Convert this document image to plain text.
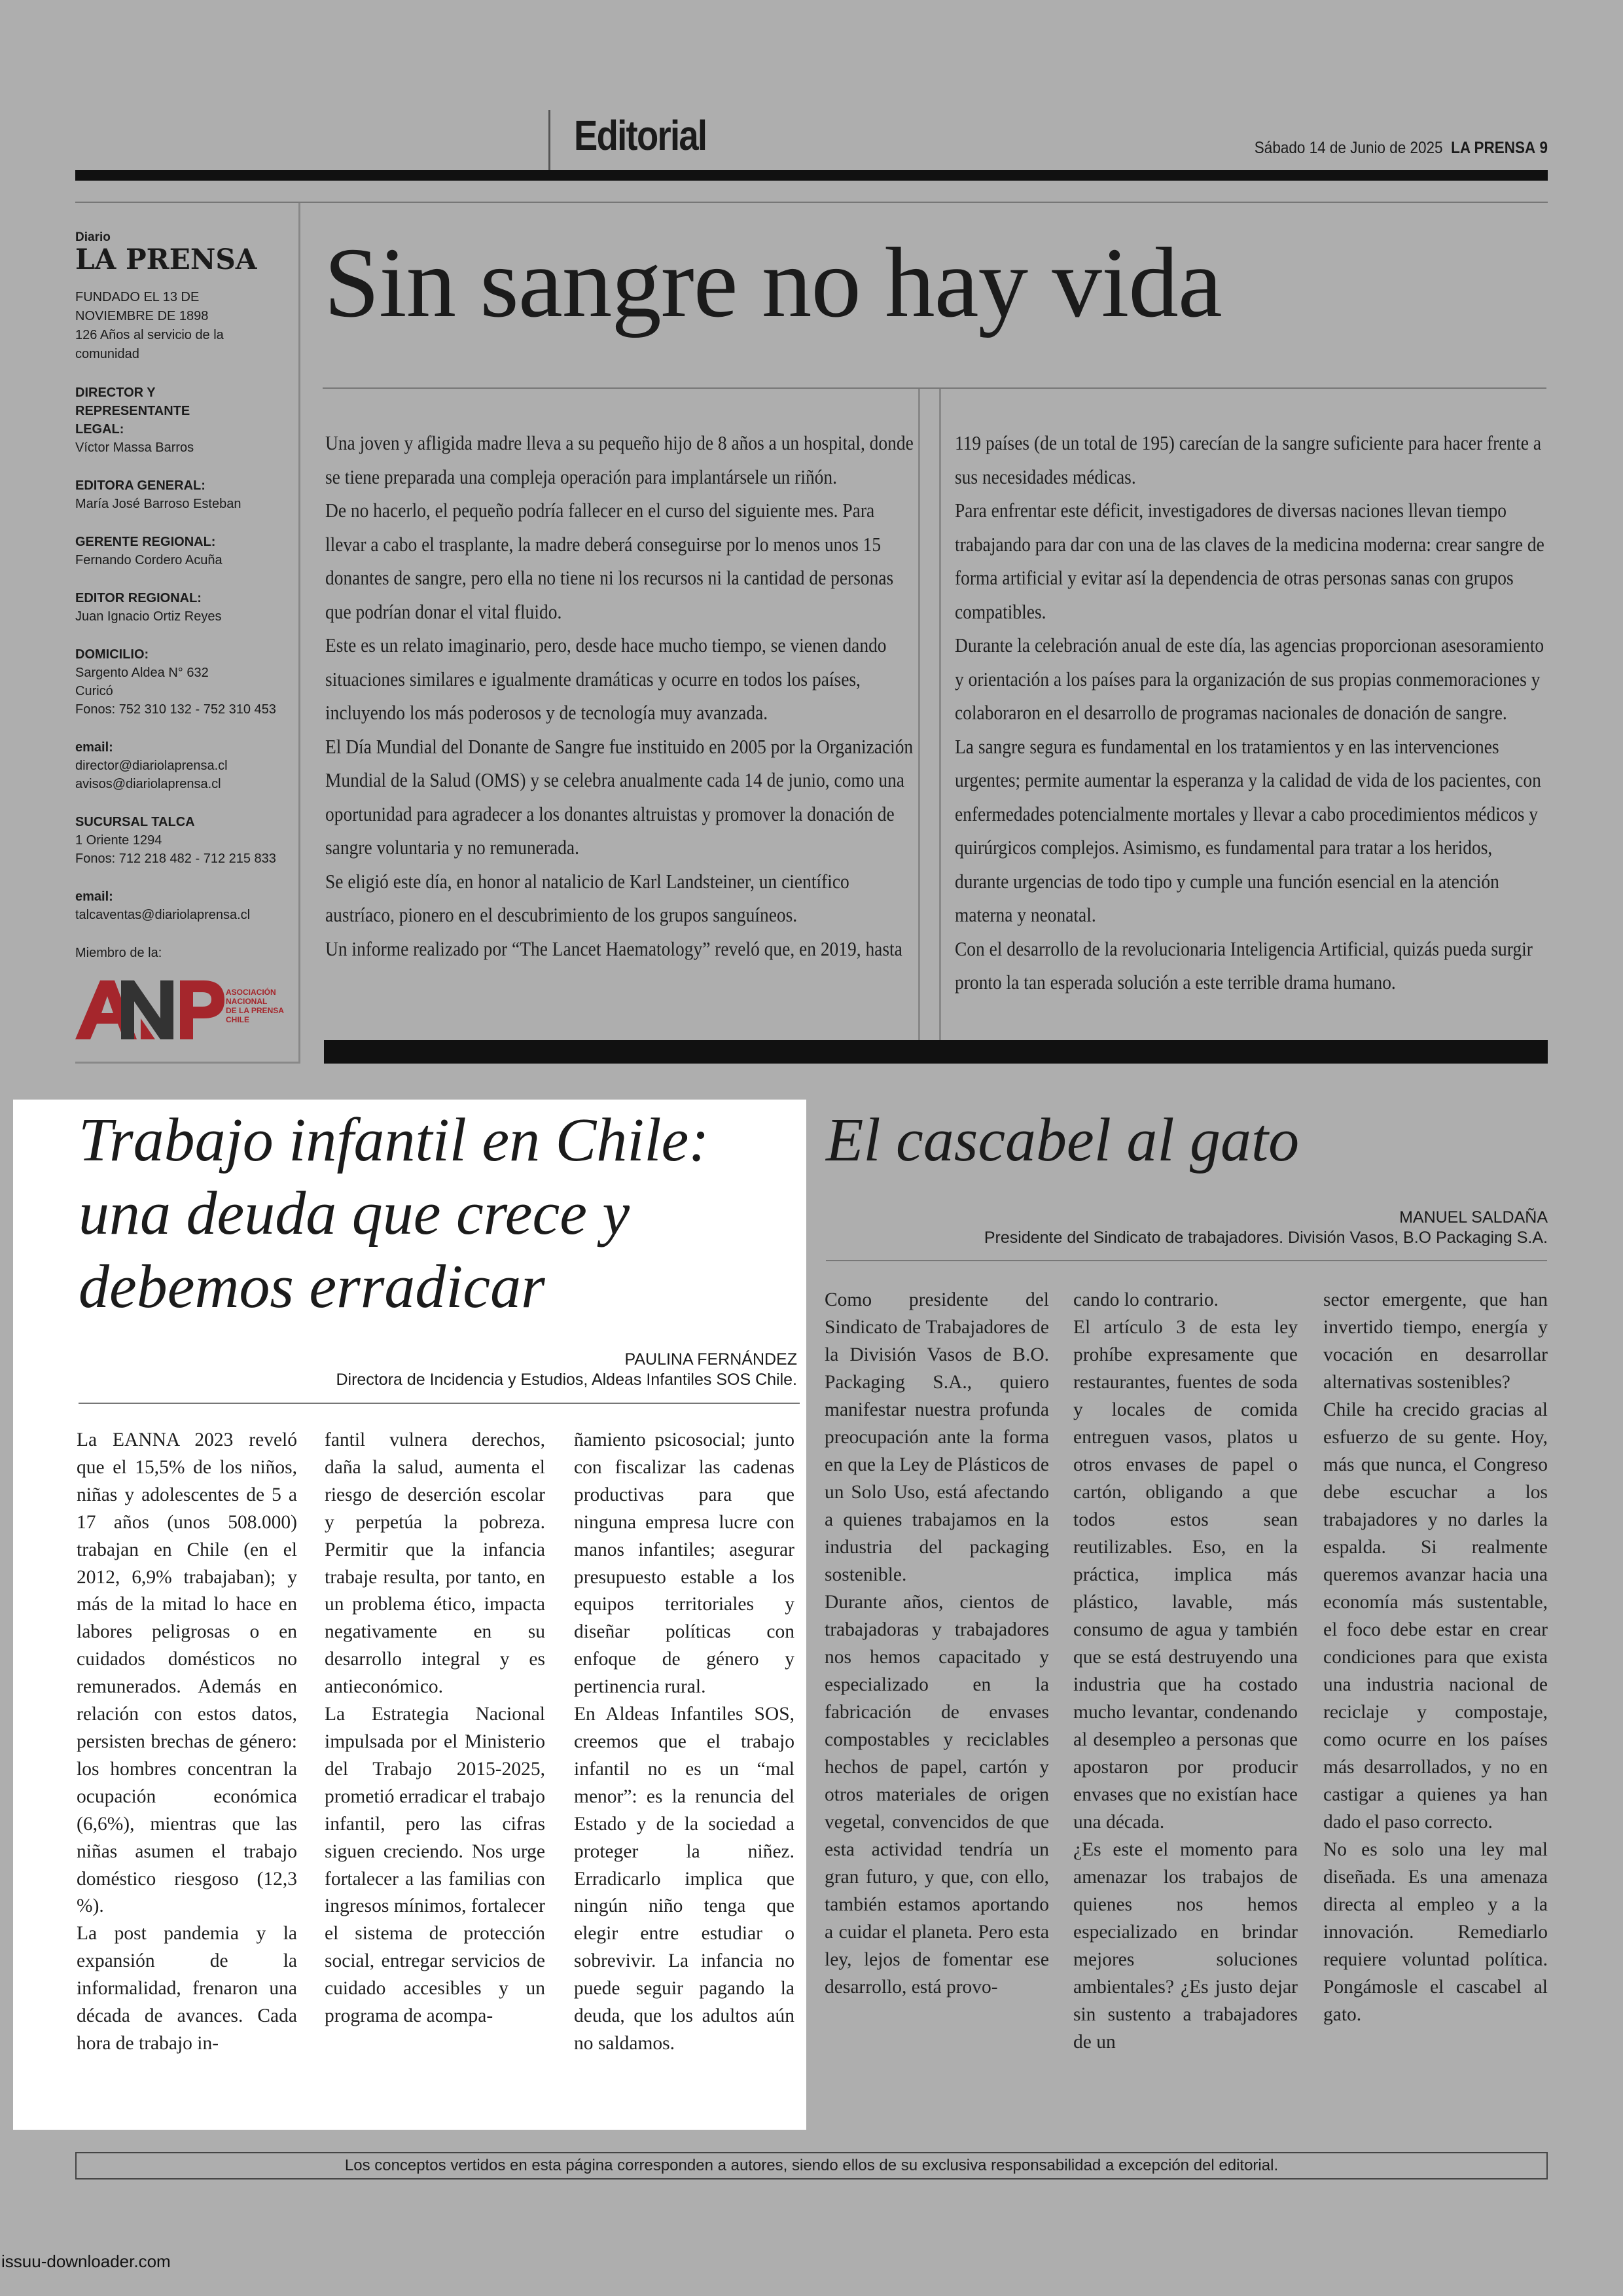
Editorial	Sábado 14 de Junio de 2025 LA PRENSA 9
Diario
LA PRENSA
FUNDADO EL 13 DE NOVIEMBRE DE 1898
126 Años al servicio de la comunidad
DIRECTOR Y REPRESENTANTE LEGAL:
Víctor Massa Barros
EDITORA GENERAL:
María José Barroso Esteban
GERENTE REGIONAL:
Fernando Cordero Acuña
EDITOR REGIONAL:
Juan Ignacio Ortiz Reyes
DOMICILIO:
Sargento Aldea N° 632
Curicó
Fonos: 752 310 132 - 752 310 453
email:
director@diariolaprensa.cl
avisos@diariolaprensa.cl
SUCURSAL TALCA
1 Oriente 1294
Fonos: 712 218 482 - 712 215 833
email:
talcaventas@diariolaprensa.cl
Miembro de la:
ASOCIACIÓN
NACIONAL
DE LA PRENSA
CHILE
Sin sangre no hay vida

Una joven y afligida madre lleva a su pequeño hijo de 8 años a un hospital, donde se tiene preparada una compleja operación para implantársele un riñón.

De no hacerlo, el pequeño podría fallecer en el curso del siguiente mes. Para llevar a cabo el trasplante, la madre deberá conseguirse por lo menos unos 15 donantes de sangre, pero ella no tiene ni los recursos ni la cantidad de personas que podrían donar el vital fluido.

Este es un relato imaginario, pero, desde hace mucho tiempo, se vienen dando situaciones similares e igualmente dramáticas y ocurre en todos los países, incluyendo los más poderosos y de tecnología muy avanzada.

El Día Mundial del Donante de Sangre fue instituido en 2005 por la Organización Mundial de la Salud (OMS) y se celebra anualmente cada 14 de junio, como una oportunidad para agradecer a los donantes altruistas y promover la donación de sangre voluntaria y no remunerada.

Se eligió este día, en honor al natalicio de Karl Landsteiner, un científico austríaco, pionero en el descubrimiento de los grupos sanguíneos.

Un informe realizado por “The Lancet Haematology” reveló que, en 2019, hasta

119 países (de un total de 195) carecían de la sangre suficiente para hacer frente a sus necesidades médicas.

Para enfrentar este déficit, investigadores de diversas naciones llevan tiempo trabajando para dar con una de las claves de la medicina moderna: crear sangre de forma artificial y evitar así la dependencia de otras personas sanas con grupos compatibles.

Durante la celebración anual de este día, las agencias proporcionan asesoramiento y orientación a los países para la organización de sus propias conmemoraciones y colaboraron en el desarrollo de programas nacionales de donación de sangre.

La sangre segura es fundamental en los tratamientos y en las intervenciones urgentes; permite aumentar la esperanza y la calidad de vida de los pacientes, con enfermedades potencialmente mortales y llevar a cabo procedimientos médicos y quirúrgicos complejos. Asimismo, es fundamental para tratar a los heridos, durante urgencias de todo tipo y cumple una función esencial en la atención materna y neonatal.

Con el desarrollo de la revolucionaria Inteligencia Artificial, quizás pueda surgir pronto la tan esperada solución a este terrible drama humano.

Trabajo infantil en Chile: una deuda que crece y debemos erradicar
PAULINA FERNÁNDEZ
Directora de Incidencia y Estudios, Aldeas Infantiles SOS Chile.

La EANNA 2023 reveló que el 15,5% de los niños, niñas y adolescentes de 5 a 17 años (unos 508.000) trabajan en Chile (en el 2012, 6,9% trabajaban); y más de la mitad lo hace en labores peligrosas o en cuidados domésticos no remunerados. Además en relación con estos datos, persisten brechas de género: los hombres concentran la ocupación económica (6,6%), mientras que las niñas asumen el trabajo doméstico riesgoso (12,3 %).

La post pandemia y la expansión de la informalidad, frenaron una década de avances. Cada hora de trabajo in-

fantil vulnera derechos, daña la salud, aumenta el riesgo de deserción escolar y perpetúa la pobreza. Permitir que la infancia trabaje resulta, por tanto, en un problema ético, impacta negativamente en su desarrollo integral y es antieconómico.

La Estrategia Nacional impulsada por el Ministerio del Trabajo 2015-2025, prometió erradicar el trabajo infantil, pero las cifras siguen creciendo. Nos urge fortalecer a las familias con ingresos mínimos, fortalecer el sistema de protección social, entregar servicios de cuidado accesibles y un programa de acompa-

ñamiento psicosocial; junto con fiscalizar las cadenas productivas para que ninguna empresa lucre con manos infantiles; asegurar presupuesto estable a los equipos territoriales y diseñar políticas con enfoque de género y pertinencia rural.

En Aldeas Infantiles SOS, creemos que el trabajo infantil no es un “mal menor”: es la renuncia del Estado y de la sociedad a proteger la niñez. Erradicarlo implica que ningún niño tenga que elegir entre estudiar o sobrevivir. La infancia no puede seguir pagando la deuda, que los adultos aún no saldamos.

El cascabel al gato
MANUEL SALDAÑA
Presidente del Sindicato de trabajadores. División Vasos, B.O Packaging S.A.

Como presidente del Sindicato de Trabajadores de la División Vasos de B.O. Packaging S.A., quiero manifestar nuestra profunda preocupación ante la forma en que la Ley de Plásticos de un Solo Uso, está afectando a quienes trabajamos en la industria del packaging sostenible.

Durante años, cientos de trabajadoras y trabajadores nos hemos capacitado y especializado en la fabricación de envases compostables y reciclables hechos de papel, cartón y otros materiales de origen vegetal, convencidos de que esta actividad tendría un gran futuro, y que, con ello, también estamos aportando a cuidar el planeta. Pero esta ley, lejos de fomentar ese desarrollo, está provo-

cando lo contrario.

El artículo 3 de esta ley prohíbe expresamente que restaurantes, fuentes de soda y locales de comida entreguen vasos, platos u otros envases de papel o cartón, obligando a que todos estos sean reutilizables. Eso, en la práctica, implica más plástico, lavable, más consumo de agua y también que se está destruyendo una industria que ha costado mucho levantar, condenando al desempleo a personas que apostaron por producir envases que no existían hace una década.

¿Es este el momento para amenazar los trabajos de quienes nos hemos especializado en brindar mejores soluciones ambientales? ¿Es justo dejar sin sustento a trabajadores de un

sector emergente, que han invertido tiempo, energía y vocación en desarrollar alternativas sostenibles?

Chile ha crecido gracias al esfuerzo de su gente. Hoy, más que nunca, el Congreso debe escuchar a los trabajadores y no darles la espalda. Si realmente queremos avanzar hacia una economía más sustentable, el foco debe estar en crear condiciones para que exista una industria nacional de reciclaje y compostaje, como ocurre en los países más desarrollados, y no en castigar a quienes ya han dado el paso correcto.

No es solo una ley mal diseñada. Es una amenaza directa al empleo y a la innovación. Remediarlo requiere voluntad política. Pongámosle el cascabel al gato.

Los conceptos vertidos en esta página corresponden a autores, siendo ellos de su exclusiva responsabilidad a excepción del editorial.
issuu-downloader.com
